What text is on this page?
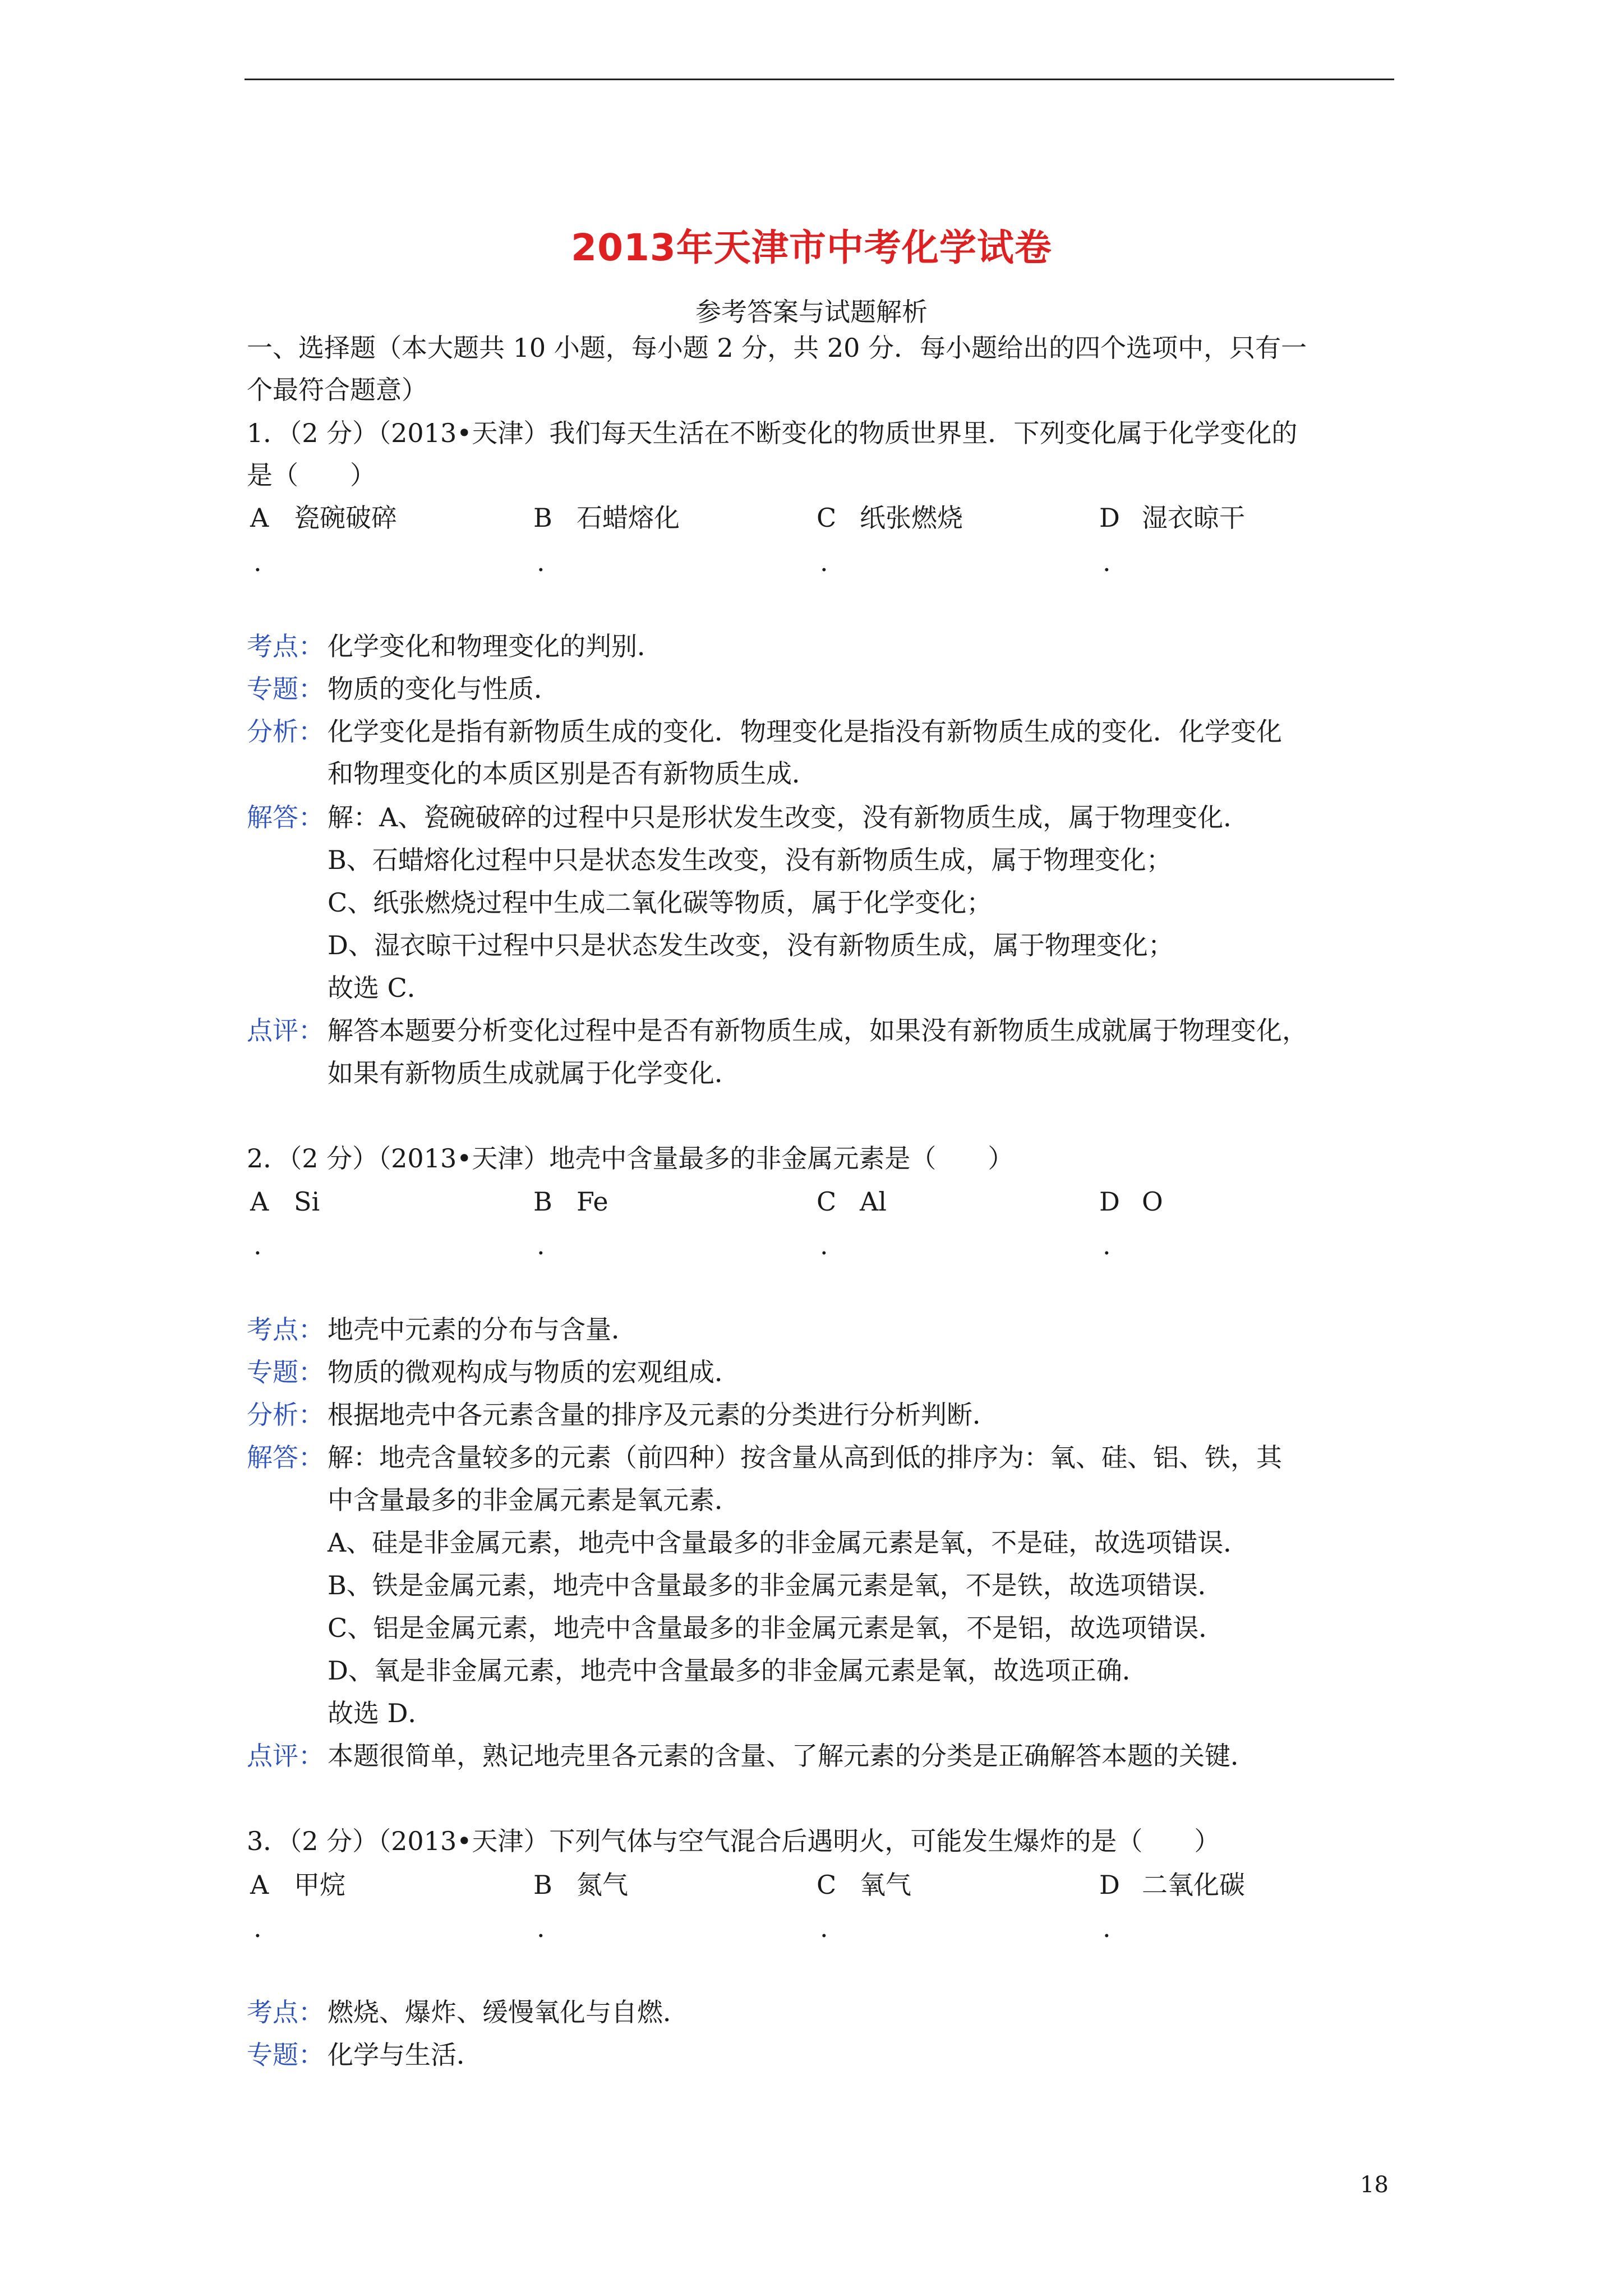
2013年天津市中考化学试卷
参考答案与试题解析
一、选择题（本大题共 10 小题，每小题 2 分，共 20 分．每小题给出的四个选项中，只有一
个最符合题意）
1．（2 分）（2013•天津）我们每天生活在不断变化的物质世界里．下列变化属于化学变化的
是（　　）
A 瓷碗破碎	B 石蜡熔化	C 纸张燃烧	D 湿衣晾干
.	.	.	.
考点： 化学变化和物理变化的判别．
专题： 物质的变化与性质．
分析： 化学变化是指有新物质生成的变化．物理变化是指没有新物质生成的变化．化学变化
和物理变化的本质区别是否有新物质生成．
解答： 解：A、瓷碗破碎的过程中只是形状发生改变，没有新物质生成，属于物理变化．
B、石蜡熔化过程中只是状态发生改变，没有新物质生成，属于物理变化；
C、纸张燃烧过程中生成二氧化碳等物质，属于化学变化；
D、湿衣晾干过程中只是状态发生改变，没有新物质生成，属于物理变化；
故选 C．
点评： 解答本题要分析变化过程中是否有新物质生成，如果没有新物质生成就属于物理变化，
如果有新物质生成就属于化学变化．
2．（2 分）（2013•天津）地壳中含量最多的非金属元素是（　　）
A Si	B Fe	C Al	D O
.	.	.	.
考点： 地壳中元素的分布与含量．
专题： 物质的微观构成与物质的宏观组成．
分析： 根据地壳中各元素含量的排序及元素的分类进行分析判断．
解答： 解：地壳含量较多的元素（前四种）按含量从高到低的排序为：氧、硅、铝、铁，其
中含量最多的非金属元素是氧元素．
A、硅是非金属元素，地壳中含量最多的非金属元素是氧，不是硅，故选项错误．
B、铁是金属元素，地壳中含量最多的非金属元素是氧，不是铁，故选项错误．
C、铝是金属元素，地壳中含量最多的非金属元素是氧，不是铝，故选项错误．
D、氧是非金属元素，地壳中含量最多的非金属元素是氧，故选项正确．
故选 D．
点评： 本题很简单，熟记地壳里各元素的含量、了解元素的分类是正确解答本题的关键．
3．（2 分）（2013•天津）下列气体与空气混合后遇明火，可能发生爆炸的是（　　）
A 甲烷	B 氮气	C 氧气	D 二氧化碳
.	.	.	.
考点： 燃烧、爆炸、缓慢氧化与自燃．
专题： 化学与生活．
18
